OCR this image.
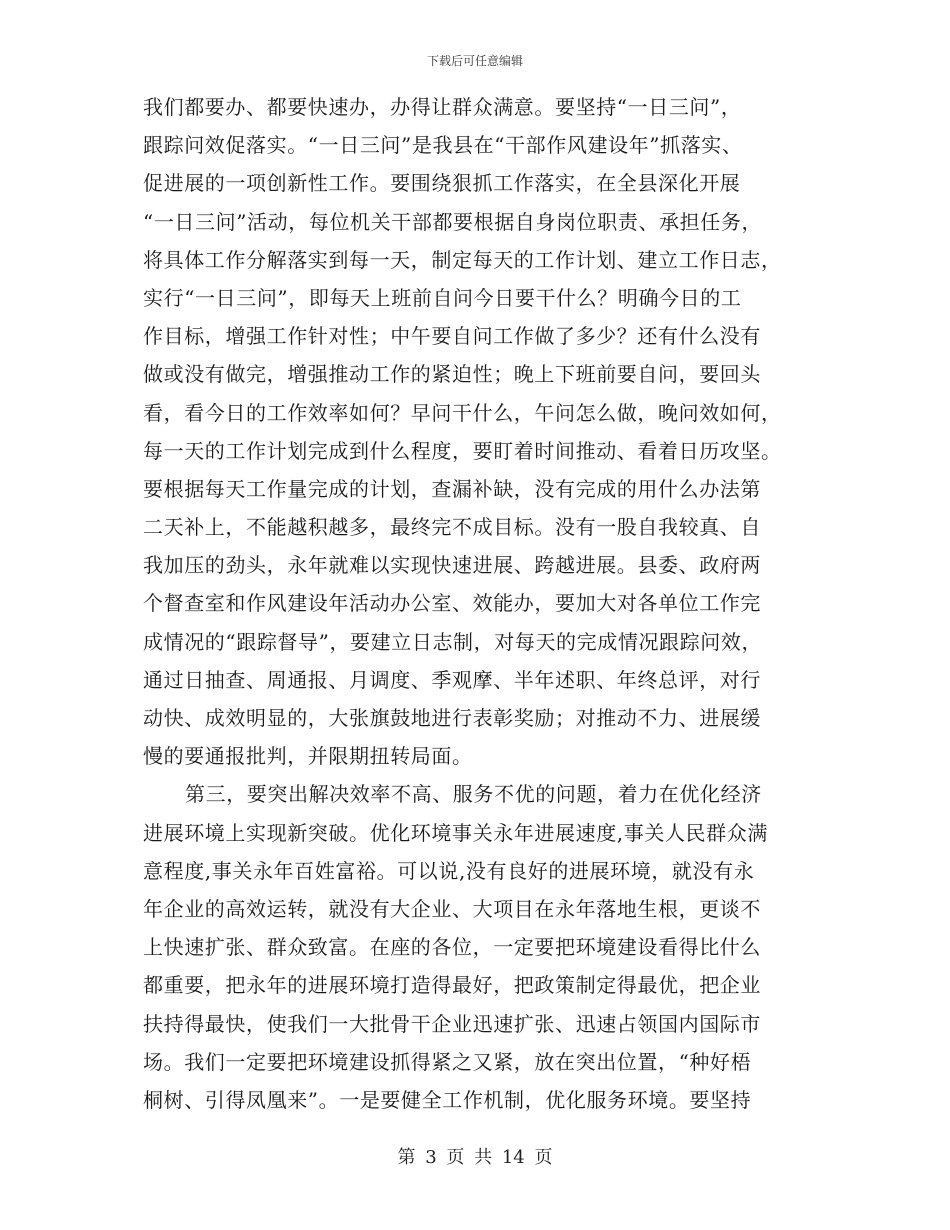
下载后可任意编辑
我们都要办、都要快速办，办得让群众满意。要坚持“一日三问”，
跟踪问效促落实。“一日三问”是我县在“干部作风建设年”抓落实、
促进展的一项创新性工作。要围绕狠抓工作落实，在全县深化开展
“一日三问”活动，每位机关干部都要根据自身岗位职责、承担任务，
将具体工作分解落实到每一天，制定每天的工作计划、建立工作日志，
实行“一日三问”，即每天上班前自问今日要干什么？明确今日的工
作目标，增强工作针对性；中午要自问工作做了多少？还有什么没有
做或没有做完，增强推动工作的紧迫性；晚上下班前要自问，要回头
看，看今日的工作效率如何？早问干什么，午问怎么做，晚问效如何，
每一天的工作计划完成到什么程度，要盯着时间推动、看着日历攻坚。
要根据每天工作量完成的计划，查漏补缺，没有完成的用什么办法第
二天补上，不能越积越多，最终完不成目标。没有一股自我较真、自
我加压的劲头，永年就难以实现快速进展、跨越进展。县委、政府两
个督查室和作风建设年活动办公室、效能办，要加大对各单位工作完
成情况的“跟踪督导”，要建立日志制，对每天的完成情况跟踪问效，
通过日抽查、周通报、月调度、季观摩、半年述职、年终总评，对行
动快、成效明显的，大张旗鼓地进行表彰奖励；对推动不力、进展缓
慢的要通报批判，并限期扭转局面。
第三，要突出解决效率不高、服务不优的问题，着力在优化经济
进展环境上实现新突破。优化环境事关永年进展速度,事关人民群众满
意程度,事关永年百姓富裕。可以说,没有良好的进展环境，就没有永
年企业的高效运转，就没有大企业、大项目在永年落地生根，更谈不
上快速扩张、群众致富。在座的各位，一定要把环境建设看得比什么
都重要，把永年的进展环境打造得最好，把政策制定得最优，把企业
扶持得最快，使我们一大批骨干企业迅速扩张、迅速占领国内国际市
场。我们一定要把环境建设抓得紧之又紧，放在突出位置，“种好梧
桐树、引得凤凰来”。一是要健全工作机制，优化服务环境。要坚持
第 3 页 共 14 页
